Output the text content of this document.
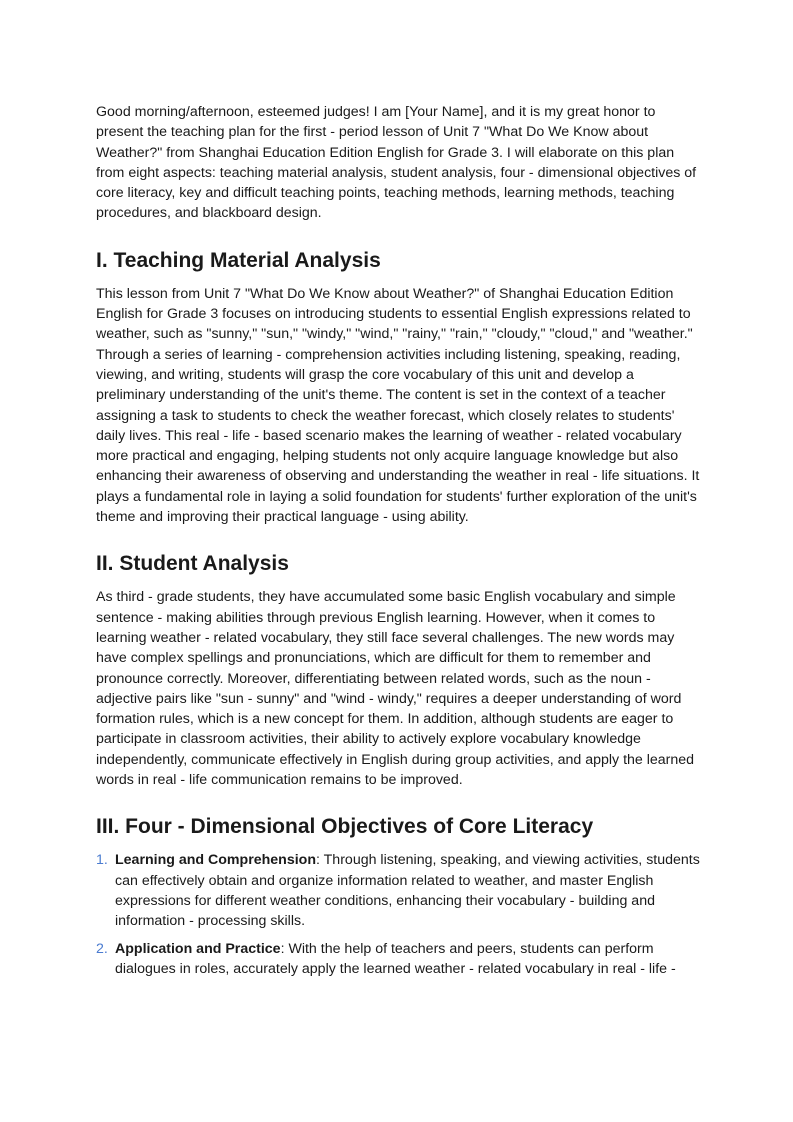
Good morning/afternoon, esteemed judges! I am [Your Name], and it is my great honor to present the teaching plan for the first - period lesson of Unit 7 "What Do We Know about Weather?" from Shanghai Education Edition English for Grade 3. I will elaborate on this plan from eight aspects: teaching material analysis, student analysis, four - dimensional objectives of core literacy, key and difficult teaching points, teaching methods, learning methods, teaching procedures, and blackboard design.

I. Teaching Material Analysis

This lesson from Unit 7 "What Do We Know about Weather?" of Shanghai Education Edition English for Grade 3 focuses on introducing students to essential English expressions related to weather, such as "sunny," "sun," "windy," "wind," "rainy," "rain," "cloudy," "cloud," and "weather." Through a series of learning - comprehension activities including listening, speaking, reading, viewing, and writing, students will grasp the core vocabulary of this unit and develop a preliminary understanding of the unit's theme. The content is set in the context of a teacher assigning a task to students to check the weather forecast, which closely relates to students' daily lives. This real - life - based scenario makes the learning of weather - related vocabulary more practical and engaging, helping students not only acquire language knowledge but also enhancing their awareness of observing and understanding the weather in real - life situations. It plays a fundamental role in laying a solid foundation for students' further exploration of the unit's theme and improving their practical language - using ability.

II. Student Analysis

As third - grade students, they have accumulated some basic English vocabulary and simple sentence - making abilities through previous English learning. However, when it comes to learning weather - related vocabulary, they still face several challenges. The new words may have complex spellings and pronunciations, which are difficult for them to remember and pronounce correctly. Moreover, differentiating between related words, such as the noun - adjective pairs like "sun - sunny" and "wind - windy," requires a deeper understanding of word formation rules, which is a new concept for them. In addition, although students are eager to participate in classroom activities, their ability to actively explore vocabulary knowledge independently, communicate effectively in English during group activities, and apply the learned words in real - life communication remains to be improved.

III. Four - Dimensional Objectives of Core Literacy
1. Learning and Comprehension: Through listening, speaking, and viewing activities, students can effectively obtain and organize information related to weather, and master English expressions for different weather conditions, enhancing their vocabulary - building and information - processing skills.
2. Application and Practice: With the help of teachers and peers, students can perform dialogues in roles, accurately apply the learned weather - related vocabulary in real - life -
